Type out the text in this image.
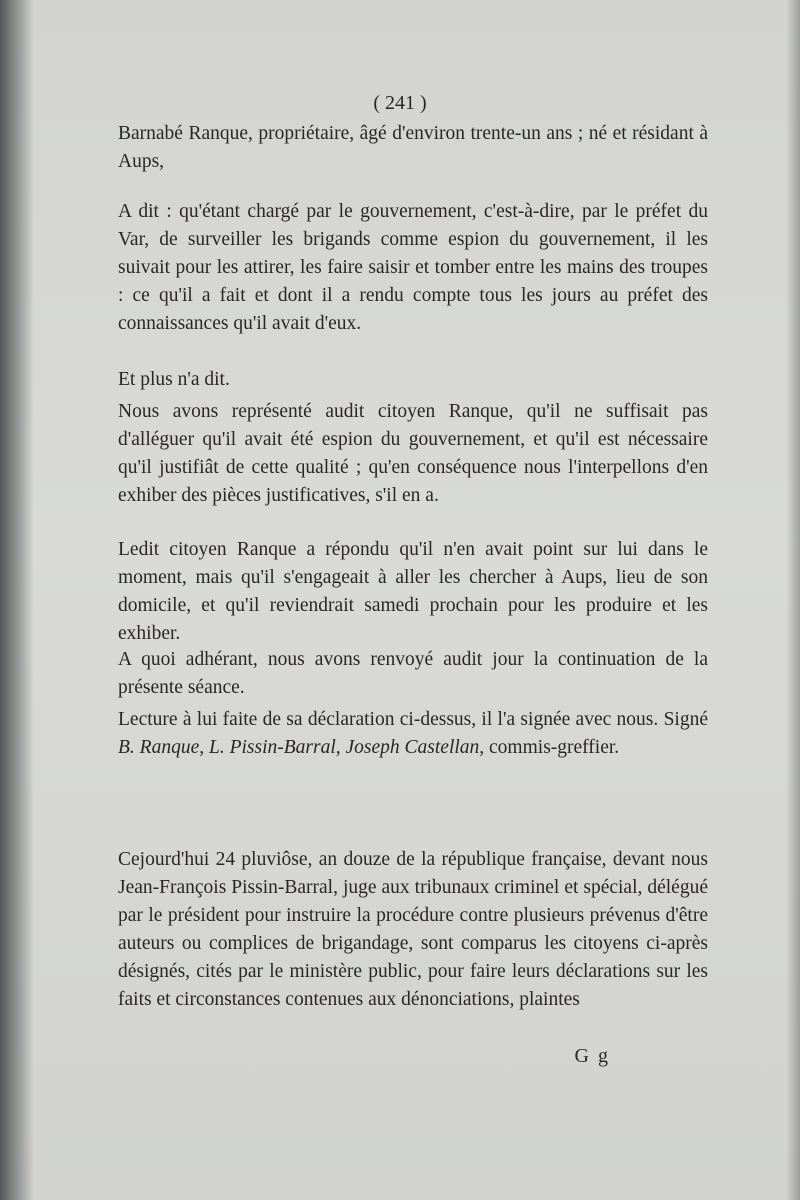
( 241 )

Barnabé Ranque, propriétaire, âgé d'environ trente-un ans ; né et résidant à Aups,

A dit : qu'étant chargé par le gouvernement, c'est-à-dire, par le préfet du Var, de surveiller les brigands comme espion du gouvernement, il les suivait pour les attirer, les faire saisir et tomber entre les mains des troupes : ce qu'il a fait et dont il a rendu compte tous les jours au préfet des connaissances qu'il avait d'eux.

Et plus n'a dit.

Nous avons représenté audit citoyen Ranque, qu'il ne suffisait pas d'alléguer qu'il avait été espion du gouvernement, et qu'il est nécessaire qu'il justifiât de cette qualité ; qu'en conséquence nous l'interpellons d'en exhiber des pièces justificatives, s'il en a.

Ledit citoyen Ranque a répondu qu'il n'en avait point sur lui dans le moment, mais qu'il s'engageait à aller les chercher à Aups, lieu de son domicile, et qu'il reviendrait samedi prochain pour les produire et les exhiber.

A quoi adhérant, nous avons renvoyé audit jour la continuation de la présente séance.

Lecture à lui faite de sa déclaration ci-dessus, il l'a signée avec nous. Signé B. Ranque, L. Pissin-Barral, Joseph Castellan, commis-greffier.

Cejourd'hui 24 pluviôse, an douze de la république française, devant nous Jean-François Pissin-Barral, juge aux tribunaux criminel et spécial, délégué par le président pour instruire la procédure contre plusieurs prévenus d'être auteurs ou complices de brigandage, sont comparus les citoyens ci-après désignés, cités par le ministère public, pour faire leurs déclarations sur les faits et circonstances contenues aux dénonciations, plaintes

G g
